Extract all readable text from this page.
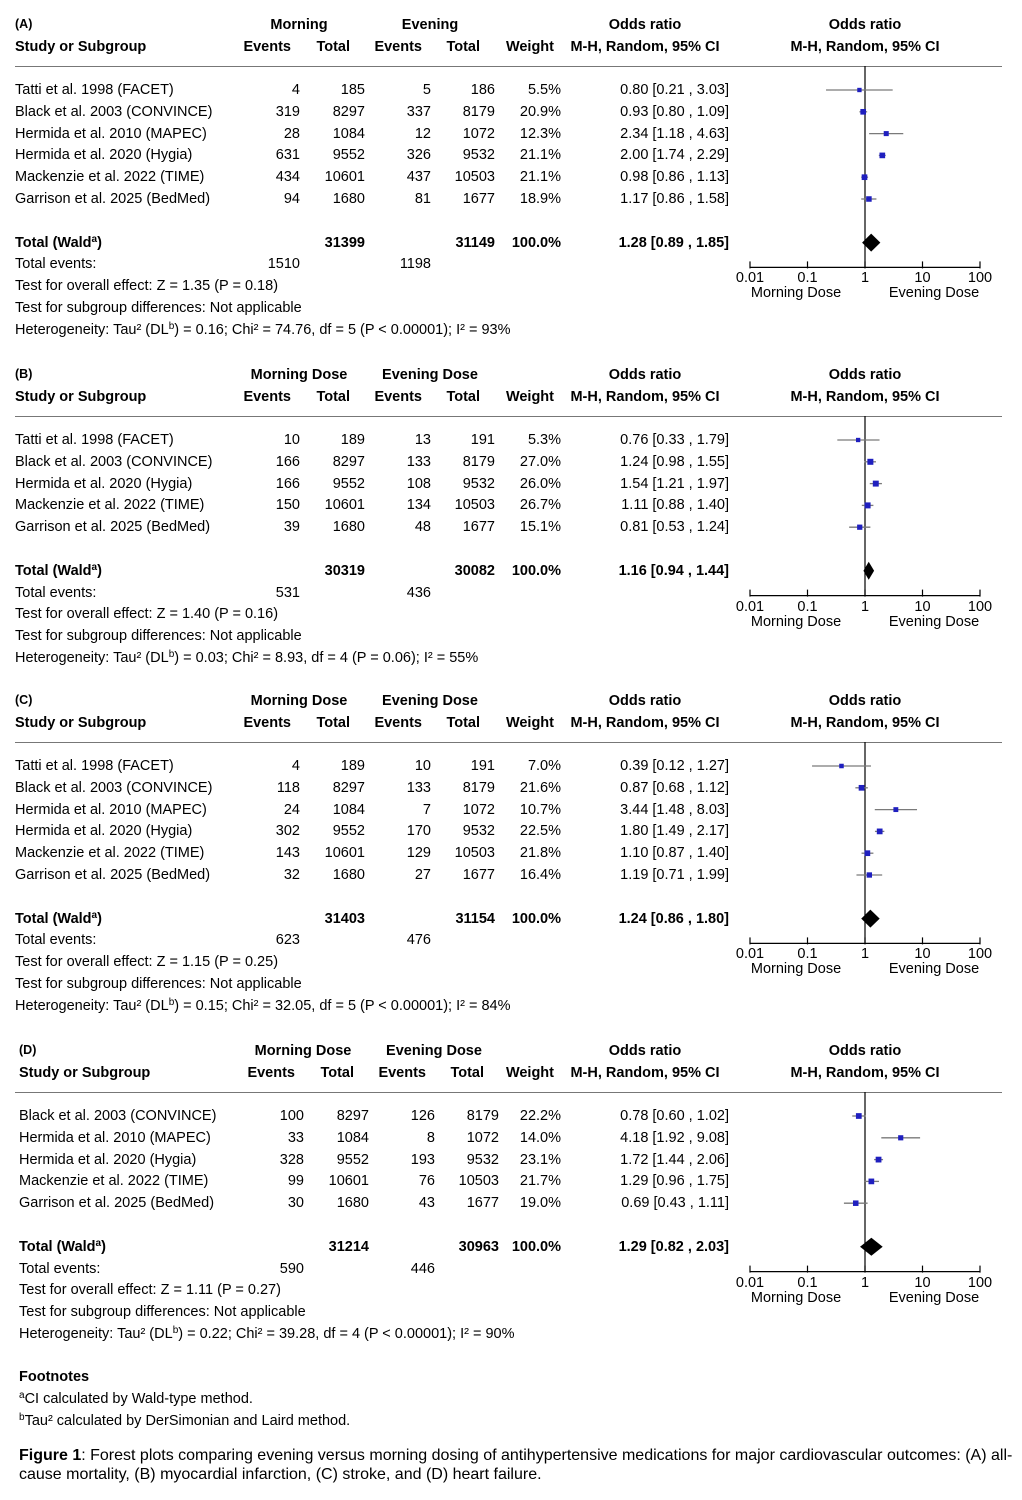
(A)	Morning	Evening	Odds ratio	Odds ratio
Study or Subgroup	Events Total Events Total Weight M-H, Random, 95% CI	M-H, Random, 95% CI
Tatti et al. 1998 (FACET)	4	185	5	186 5.5%	0.80 [0.21 , 3.03]
Black et al. 2003 (CONVINCE)	319 8297	337 8179 20.9%	0.93 [0.80 , 1.09]
Hermida et al. 2010 (MAPEC)	28 1084	12 1072 12.3%	2.34 [1.18 , 4.63]
Hermida et al. 2020 (Hygia)	631 9552	326 9532 21.1%	2.00 [1.74 , 2.29]
Mackenzie et al. 2022 (TIME)	434 10601	437 10503 21.1%	0.98 [0.86 , 1.13]
Garrison et al. 2025 (BedMed)	94 1680	81 1677 18.9%	1.17 [0.86 , 1.58]
Total (Wald$^a$)	31399	31149 100.0%	1.28 [0.89 , 1.85]
Total events:	1510	1198
Test for overall effect: Z = 1.35 (P = 0.18)
Test for subgroup differences: Not applicable
Heterogeneity: Tau² $(DL^b) = 0.16$; Chi² = 74.76, df = 5 (P < 0.00001); I² = 93%
0.01 0.1	1	10	100
Morning Dose	Evening Dose
(B)	Morning Dose Evening Dose	Odds ratio	Odds ratio
Study or Subgroup	Events Total Events Total Weight M-H, Random, 95% CI	M-H, Random, 95% CI
Tatti et al. 1998 (FACET)	10	189	13	191 5.3%	0.76 [0.33 , 1.79]
Black et al. 2003 (CONVINCE)	166 8297	133 8179 27.0%	1.24 [0.98 , 1.55]
Hermida et al. 2020 (Hygia)	166 9552	108 9532 26.0%	1.54 [1.21 , 1.97]
Mackenzie et al. 2022 (TIME)	150 10601	134 10503 26.7%	1.11 [0.88 , 1.40]
Garrison et al. 2025 (BedMed)	39 1680	48 1677 15.1%	0.81 [0.53 , 1.24]
Total (Wald$^a$)	30319	30082 100.0%	1.16 [0.94 , 1.44]
Total events:	531	436
Test for overall effect: Z = 1.40 (P = 0.16)
Test for subgroup differences: Not applicable
Heterogeneity: Tau² $(DL^b) = 0.03$; Chi² = 8.93, df = 4 (P = 0.06); I² = 55%
0.01 0.1	1	10	100
Morning Dose	Evening Dose
(C)	Morning Dose Evening Dose	Odds ratio	Odds ratio
Study or Subgroup	Events Total Events Total Weight M-H, Random, 95% CI	M-H, Random, 95% CI
Tatti et al. 1998 (FACET)	4	189	10	191 7.0%	0.39 [0.12 , 1.27]
Black et al. 2003 (CONVINCE)	118 8297	133 8179 21.6%	0.87 [0.68 , 1.12]
Hermida et al. 2010 (MAPEC)	24 1084	7 1072 10.7%	3.44 [1.48 , 8.03]
Hermida et al. 2020 (Hygia)	302 9552	170 9532 22.5%	1.80 [1.49 , 2.17]
Mackenzie et al. 2022 (TIME)	143 10601	129 10503 21.8%	1.10 [0.87 , 1.40]
Garrison et al. 2025 (BedMed)	32 1680	27 1677 16.4%	1.19 [0.71 , 1.99]
Total (Wald$^a$)	31403	31154 100.0%	1.24 [0.86 , 1.80]
Total events:	623	476
Test for overall effect: Z = 1.15 (P = 0.25)
Test for subgroup differences: Not applicable
Heterogeneity: Tau² $(DL^b) = 0.15$; Chi² = 32.05, df = 5 (P < 0.00001); I² = 84%
0.01 0.1	1	10	100
Morning Dose	Evening Dose
(D)	Morning Dose Evening Dose	Odds ratio	Odds ratio
Study or Subgroup	Events Total Events Total Weight M-H, Random, 95% CI	M-H, Random, 95% CI
Black et al. 2003 (CONVINCE)	100 8297	126 8179 22.2%	0.78 [0.60 , 1.02]
Hermida et al. 2010 (MAPEC)	33 1084	8 1072 14.0%	4.18 [1.92 , 9.08]
Hermida et al. 2020 (Hygia)	328 9552	193 9532 23.1%	1.72 [1.44 , 2.06]
Mackenzie et al. 2022 (TIME)	99 10601	76 10503 21.7%	1.29 [0.96 , 1.75]
Garrison et al. 2025 (BedMed)	30 1680	43 1677 19.0%	0.69 [0.43 , 1.11]
Total (Wald$^a$)	31214	30963 100.0%	1.29 [0.82 , 2.03]
Total events:	590	446
Test for overall effect: Z = 1.11 (P = 0.27)
Test for subgroup differences: Not applicable
Heterogeneity: Tau² $(DL^b) = 0.22$; Chi² = 39.28, df = 4 (P < 0.00001); I² = 90%
0.01 0.1	1	10	100
Morning Dose	Evening Dose
Footnotes
$^a$CI calculated by Wald-type method.
$^b$Tau² calculated by DerSimonian and Laird method.
Figure 1: Forest plots comparing evening versus morning dosing of antihypertensive medications for major cardiovascular outcomes: (A) all-cause mortality, (B) myocardial infarction, (C) stroke, and (D) heart failure.
